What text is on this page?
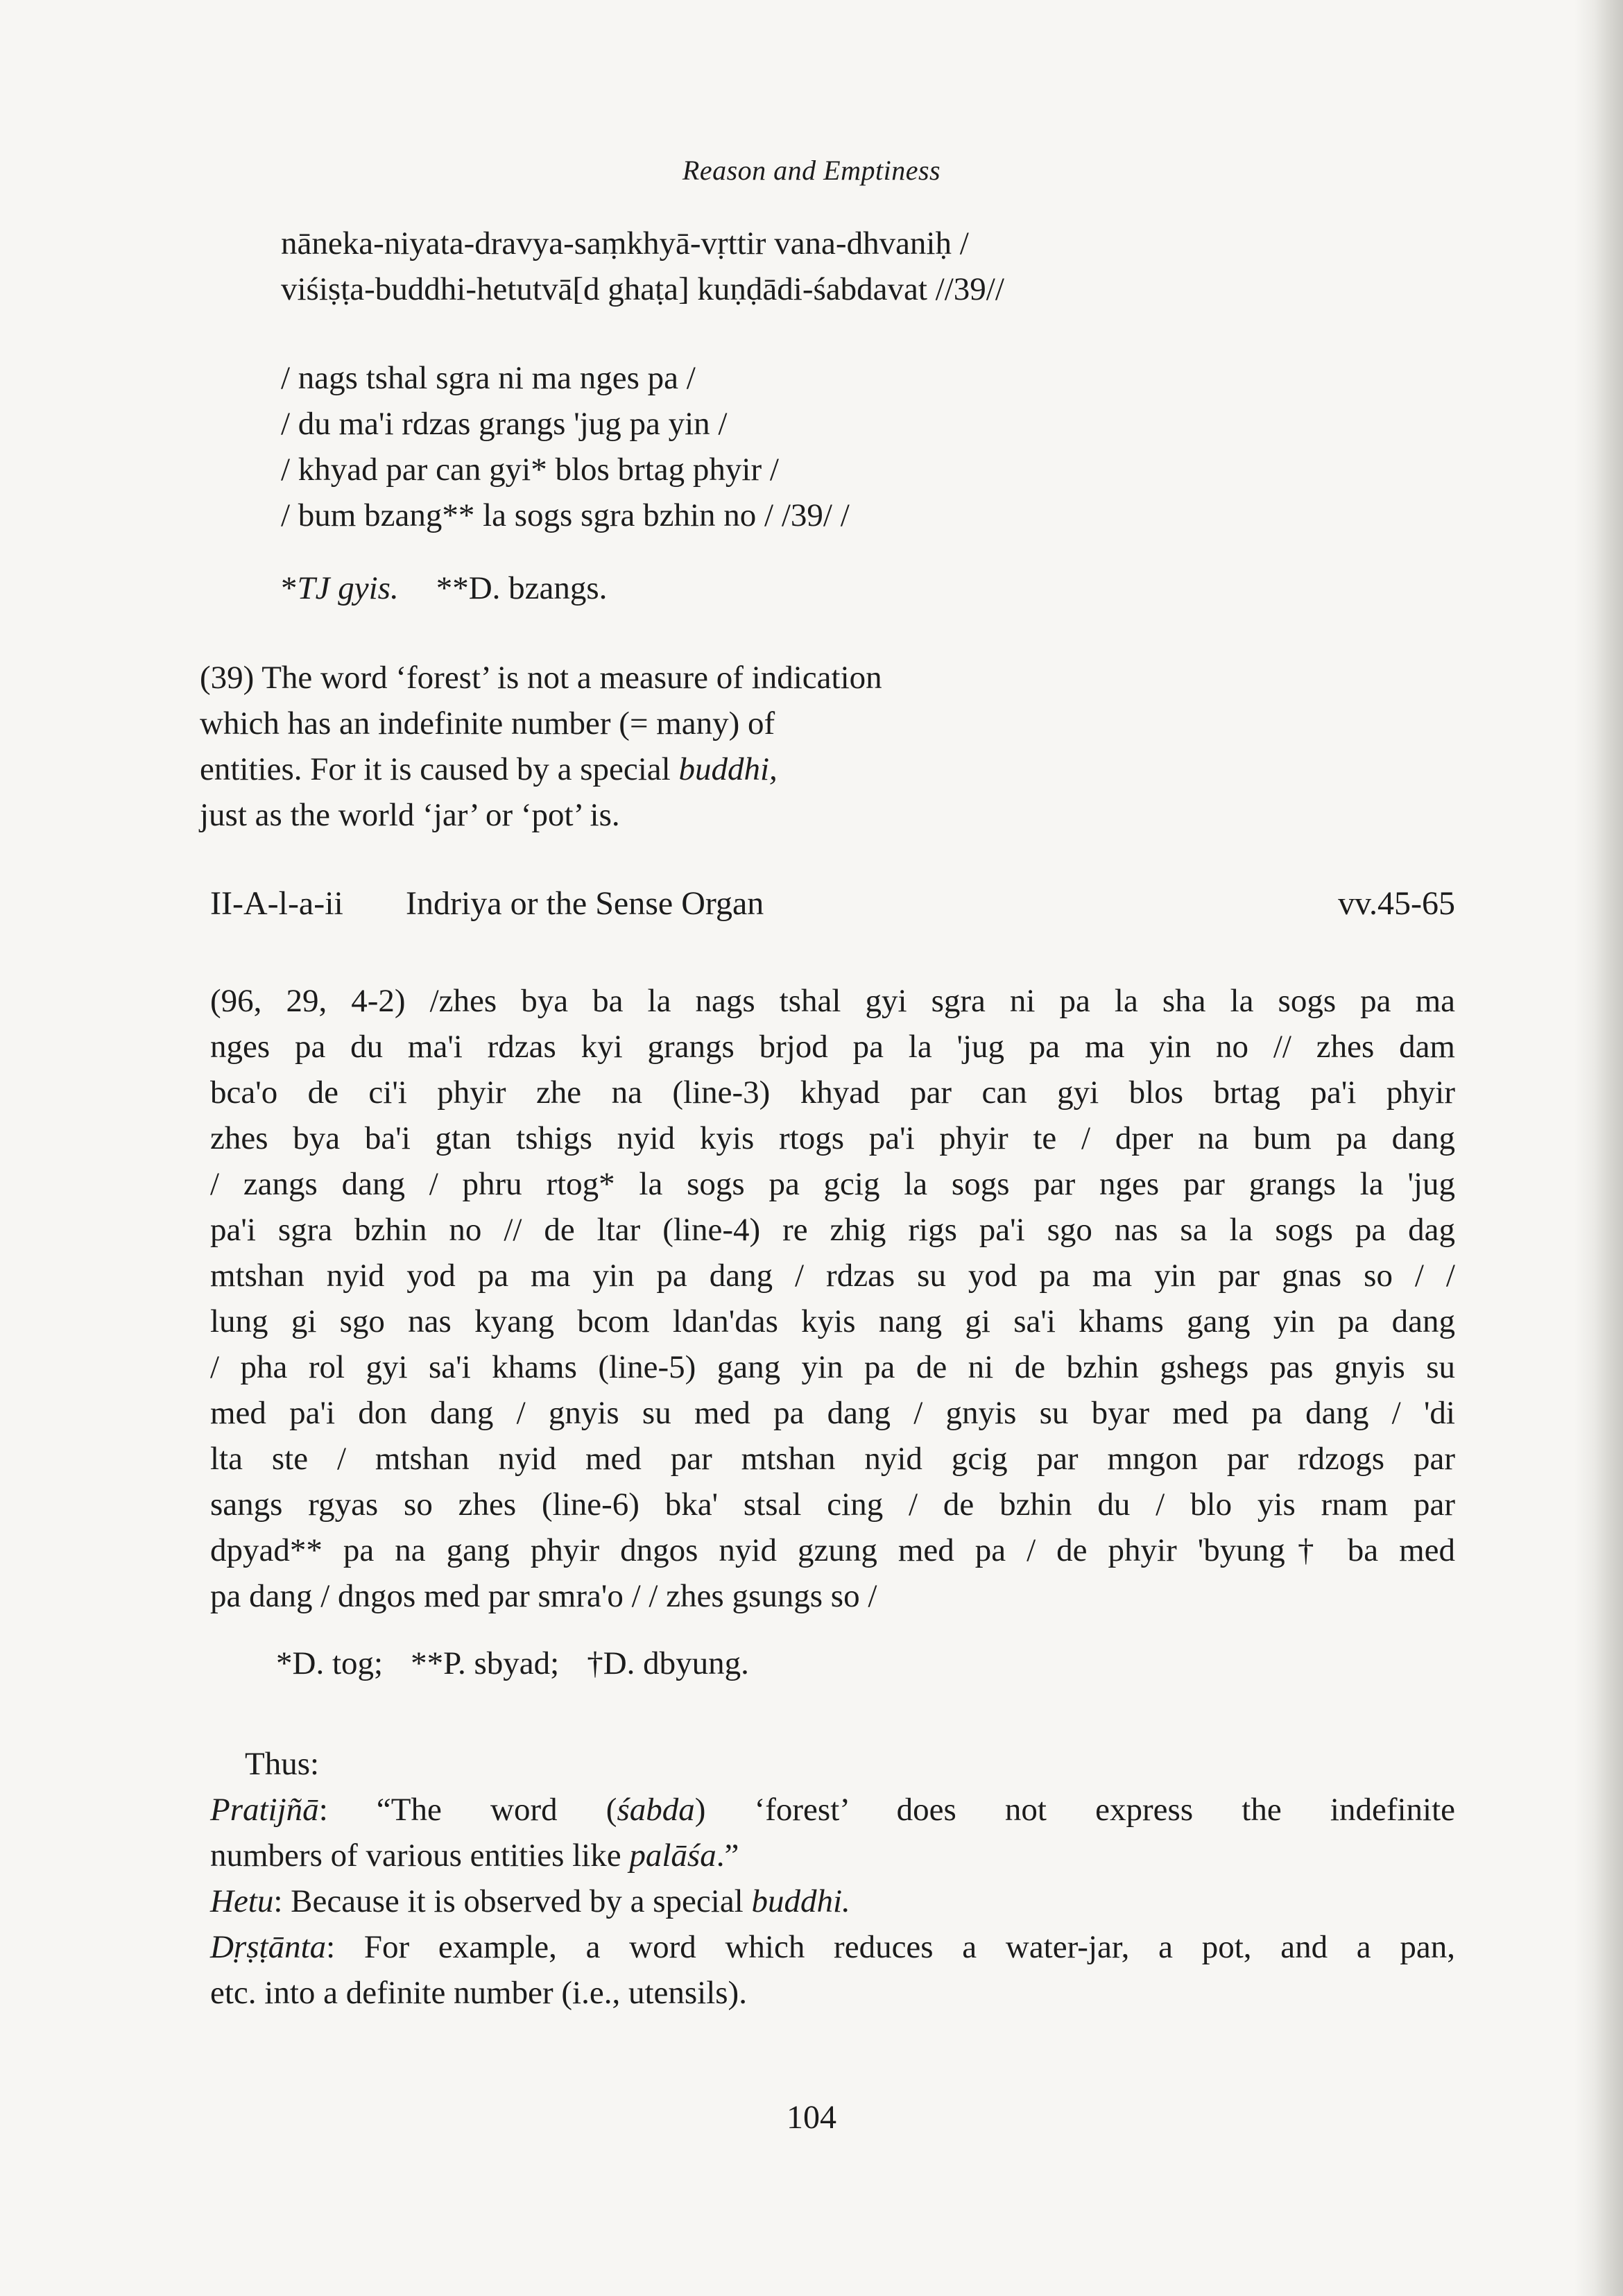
Reason and Emptiness
nāneka-niyata-dravya-saṃkhyā-vṛttir vana-dhvaniḥ /
viśiṣṭa-buddhi-hetutvā[d ghaṭa] kuṇḍādi-śabdavat //39//
/ nags tshal sgra ni ma nges pa /
/ du ma'i rdzas grangs 'jug pa yin /
/ khyad par can gyi* blos brtag phyir /
/ bum bzang** la sogs sgra bzhin no / /39/ /
*TJ gyis. **D. bzangs.
(39) The word ‘forest’ is not a measure of indication
which has an indefinite number (= many) of
entities. For it is caused by a special buddhi,
just as the world ‘jar’ or ‘pot’ is.
II-A-l-a-ii Indriya or the Sense Organ	vv.45-65
(96, 29, 4-2) /zhes bya ba la nags tshal gyi sgra ni pa la sha la sogs pa ma
nges pa du ma'i rdzas kyi grangs brjod pa la 'jug pa ma yin no // zhes dam
bca'o de ci'i phyir zhe na (line-3) khyad par can gyi blos brtag pa'i phyir
zhes bya ba'i gtan tshigs nyid kyis rtogs pa'i phyir te / dper na bum pa dang
/ zangs dang / phru rtog* la sogs pa gcig la sogs par nges par grangs la 'jug
pa'i sgra bzhin no // de ltar (line-4) re zhig rigs pa'i sgo nas sa la sogs pa dag
mtshan nyid yod pa ma yin pa dang / rdzas su yod pa ma yin par gnas so / /
lung gi sgo nas kyang bcom ldan'das kyis nang gi sa'i khams gang yin pa dang
/ pha rol gyi sa'i khams (line-5) gang yin pa de ni de bzhin gshegs pas gnyis su
med pa'i don dang / gnyis su med pa dang / gnyis su byar med pa dang / 'di
lta ste / mtshan nyid med par mtshan nyid gcig par mngon par rdzogs par
sangs rgyas so zhes (line-6) bka' stsal cing / de bzhin du / blo yis rnam par
dpyad** pa na gang phyir dngos nyid gzung med pa / de phyir 'byung† ba med
pa dang / dngos med par smra'o / / zhes gsungs so /
*D. tog; **P. sbyad; †D. dbyung.
Thus:
Pratijñā: “The word (śabda) ‘forest’ does not express the indefinite
numbers of various entities like palāśa.”
Hetu: Because it is observed by a special buddhi.
Dṛṣṭānta: For example, a word which reduces a water-jar, a pot, and a pan,
etc. into a definite number (i.e., utensils).
104
